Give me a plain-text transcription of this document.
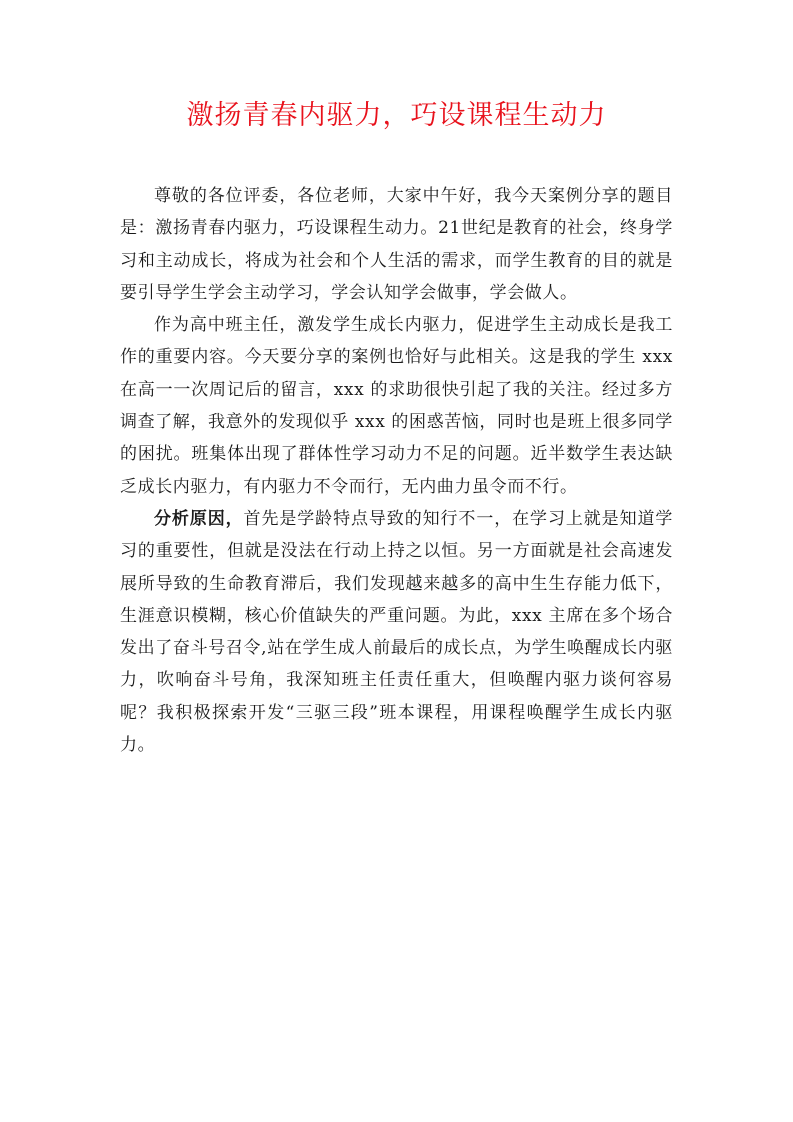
激扬青春内驱力，巧设课程生动力

尊敬的各位评委，各位老师，大家中午好，我今天案例分享的题目是：激扬青春内驱力，巧设课程生动力。21世纪是教育的社会，终身学习和主动成长，将成为社会和个人生活的需求，而学生教育的目的就是要引导学生学会主动学习，学会认知学会做事，学会做人。

作为高中班主任，激发学生成长内驱力，促进学生主动成长是我工作的重要内容。今天要分享的案例也恰好与此相关。这是我的学生 xxx 在高一一次周记后的留言，xxx 的求助很快引起了我的关注。经过多方调查了解，我意外的发现似乎 xxx 的困惑苦恼，同时也是班上很多同学的困扰。班集体出现了群体性学习动力不足的问题。近半数学生表达缺乏成长内驱力，有内驱力不令而行，无内曲力虽令而不行。

分析原因，首先是学龄特点导致的知行不一，在学习上就是知道学习的重要性，但就是没法在行动上持之以恒。另一方面就是社会高速发展所导致的生命教育滞后，我们发现越来越多的高中生生存能力低下，生涯意识模糊，核心价值缺失的严重问题。为此，xxx 主席在多个场合发出了奋斗号召令,站在学生成人前最后的成长点，为学生唤醒成长内驱力，吹响奋斗号角，我深知班主任责任重大，但唤醒内驱力谈何容易呢？我积极探索开发“三驱三段”班本课程，用课程唤醒学生成长内驱力。
